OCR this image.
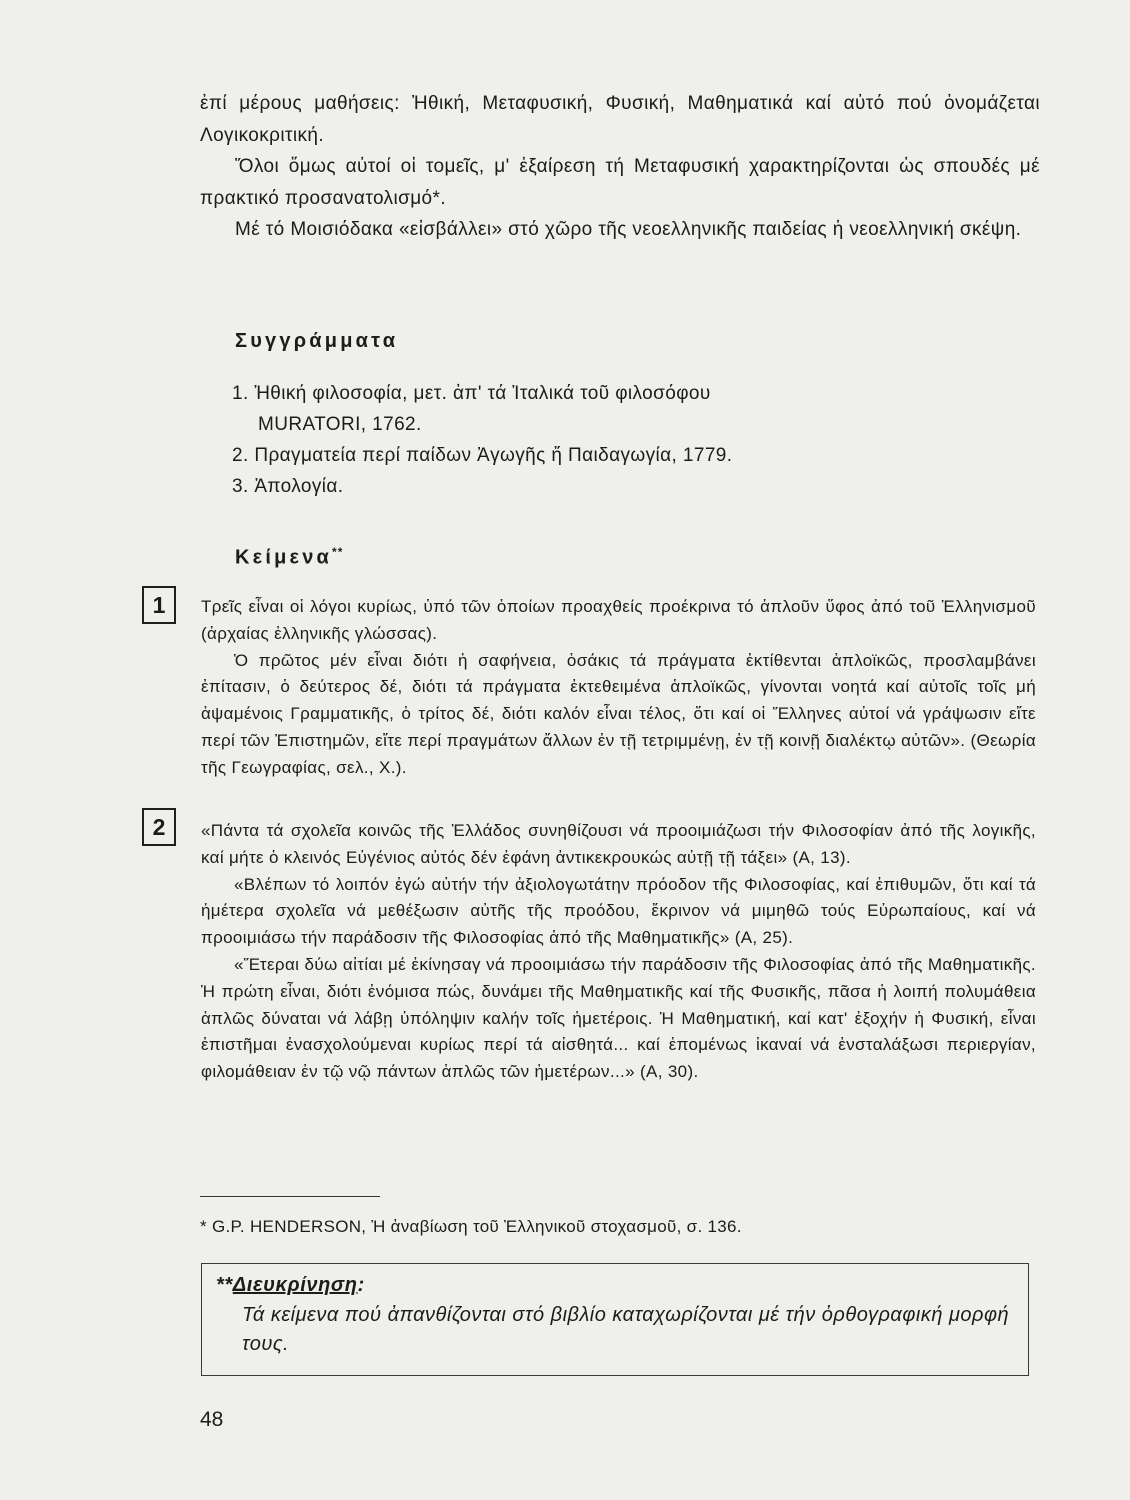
ἐπί μέρους μαθήσεις: Ἠθική, Μεταφυσική, Φυσική, Μαθηματικά καί αὐτό πού ὀνομάζεται Λογικοκριτική.

Ὅλοι ὅμως αὐτοί οἱ τομεῖς, μ' ἐξαίρεση τή Μεταφυσική χαρακτηρίζονται ὡς σπουδές μέ πρακτικό προσανατολισμό*.

Μέ τό Μοισιόδακα «εἰσβάλλει» στό χῶρο τῆς νεοελληνικῆς παιδείας ἡ νεοελληνική σκέψη.

Συγγράμματα
1. Ἠθική φιλοσοφία, μετ. ἀπ' τά Ἰταλικά τοῦ φιλοσόφου
MURATORI, 1762.
2. Πραγματεία περί παίδων Ἀγωγῆς ἤ Παιδαγωγία, 1779.
3. Ἀπολογία.
Κείμενα**
1	Τρεῖς εἶναι οἱ λόγοι κυρίως, ὑπό τῶν ὁποίων προαχθείς προέκρινα τό ἁπλοῦν ὕφος ἀπό τοῦ Ἑλληνισμοῦ (ἀρχαίας ἑλληνικῆς γλώσσας).

Ὁ πρῶτος μέν εἶναι διότι ἡ σαφήνεια, ὁσάκις τά πράγματα ἐκτίθενται ἁπλοϊκῶς, προσλαμβάνει ἐπίτασιν, ὁ δεύτερος δέ, διότι τά πράγματα ἐκτεθειμένα ἁπλοϊκῶς, γίνονται νοητά καί αὐτοῖς τοῖς μή ἁψαμένοις Γραμματικῆς, ὁ τρίτος δέ, διότι καλόν εἶναι τέλος, ὅτι καί οἱ Ἕλληνες αὐτοί νά γράψωσιν εἴτε περί τῶν Ἐπιστημῶν, εἴτε περί πραγμάτων ἄλλων ἐν τῇ τετριμμένῃ, ἐν τῇ κοινῇ διαλέκτῳ αὐτῶν». (Θεωρία τῆς Γεωγραφίας, σελ., Χ.).

2	«Πάντα τά σχολεῖα κοινῶς τῆς Ἑλλάδος συνηθίζουσι νά προοιμιάζωσι τήν Φιλοσοφίαν ἀπό τῆς λογικῆς, καί μήτε ὁ κλεινός Εὐγένιος αὐτός δέν ἐφάνη ἀντικεκρουκώς αὐτῇ τῇ τάξει» (Α, 13).

«Βλέπων τό λοιπόν ἐγώ αὐτήν τήν ἀξιολογωτάτην πρόοδον τῆς Φιλοσοφίας, καί ἐπιθυμῶν, ὅτι καί τά ἡμέτερα σχολεῖα νά μεθέξωσιν αὐτῆς τῆς προόδου, ἔκρινον νά μιμηθῶ τούς Εὐρωπαίους, καί νά προοιμιάσω τήν παράδοσιν τῆς Φιλοσοφίας ἀπό τῆς Μαθηματικῆς» (Α, 25).

«Ἕτεραι δύω αἰτίαι μέ ἐκίνησαγ νά προοιμιάσω τήν παράδοσιν τῆς Φιλοσοφίας ἀπό τῆς Μαθηματικῆς. Ἡ πρώτη εἶναι, διότι ἐνόμισα πώς, δυνάμει τῆς Μαθηματικῆς καί τῆς Φυσικῆς, πᾶσα ἡ λοιπή πολυμάθεια ἁπλῶς δύναται νά λάβῃ ὑπόληψιν καλήν τοῖς ἡμετέροις. Ἡ Μαθηματική, καί κατ' ἐξοχήν ἡ Φυσική, εἶναι ἐπιστῆμαι ἐνασχολούμεναι κυρίως περί τά αἰσθητά... καί ἐπομένως ἱκαναί νά ἐνσταλάξωσι περιεργίαν, φιλομάθειαν ἐν τῷ νῷ πάντων ἁπλῶς τῶν ἡμετέρων...» (Α, 30).

* G.P. HENDERSON, Ἡ ἀναβίωση τοῦ Ἑλληνικοῦ στοχασμοῦ, σ. 136.

**Διευκρίνηση:
Τά κείμενα πού ἀπανθίζονται στό βιβλίο καταχωρίζονται μέ τήν ὀρθογραφική μορφή τους.

48
